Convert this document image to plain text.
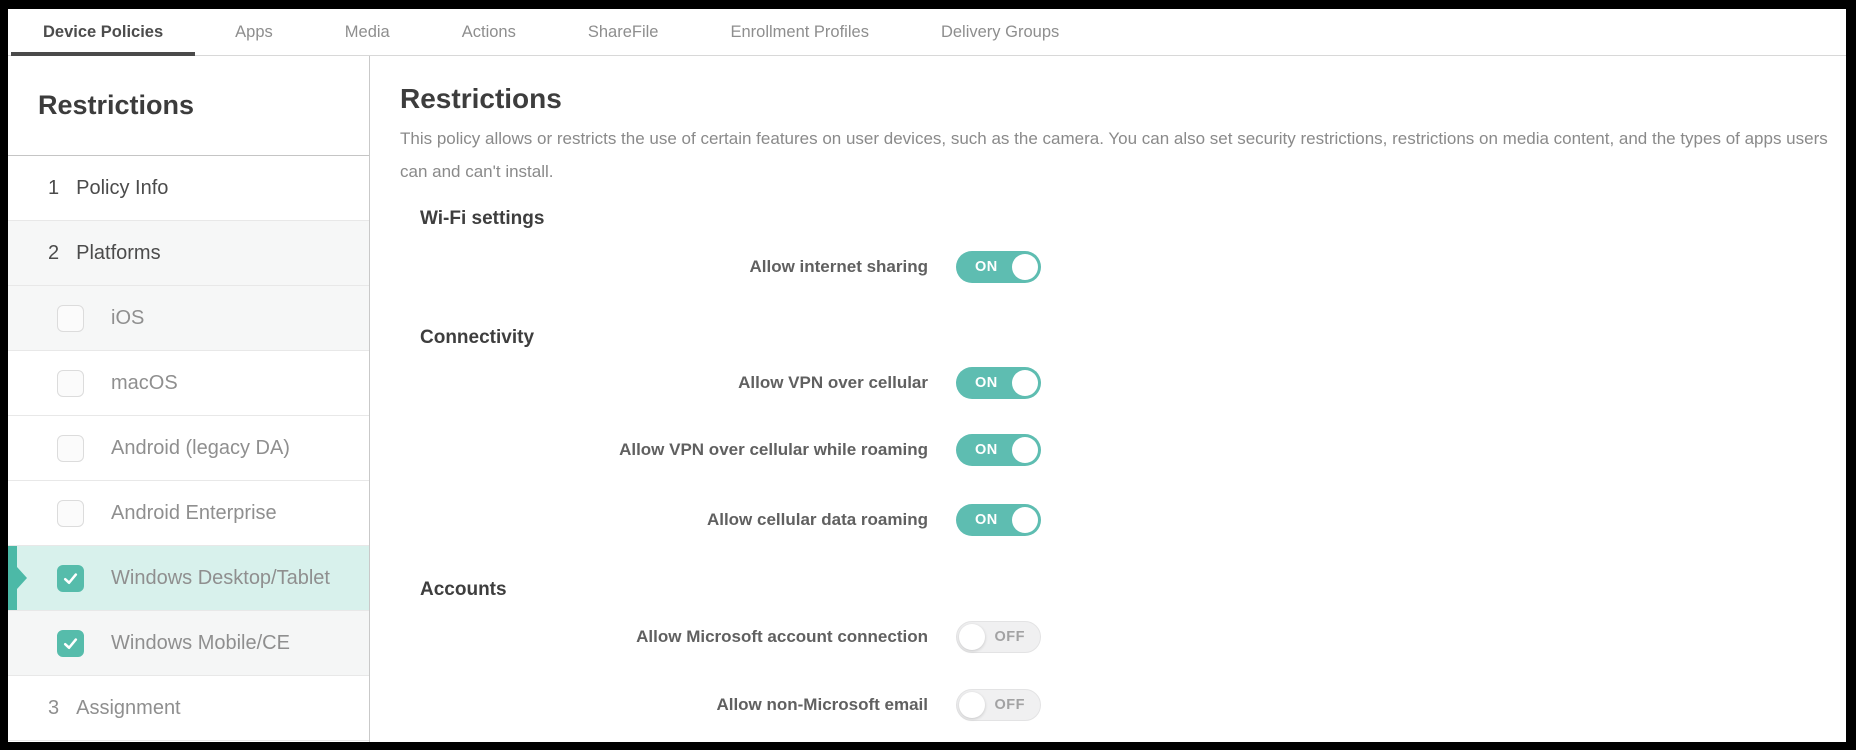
Device Policies	Apps	Media	Actions	ShareFile	Enrollment Profiles	Delivery Groups
Restrictions
1 Policy Info
2 Platforms
iOS
macOS
Android (legacy DA)
Android Enterprise
Windows Desktop/Tablet
Windows Mobile/CE
3 Assignment
Restrictions
This policy allows or restricts the use of certain features on user devices, such as the camera. You can also set security restrictions, restrictions on media content, and the types of apps users can and can't install.
Wi-Fi settings
Allow internet sharing	ON
Connectivity
Allow VPN over cellular	ON
Allow VPN over cellular while roaming	ON
Allow cellular data roaming	ON
Accounts
Allow Microsoft account connection	OFF
Allow non-Microsoft email	OFF
